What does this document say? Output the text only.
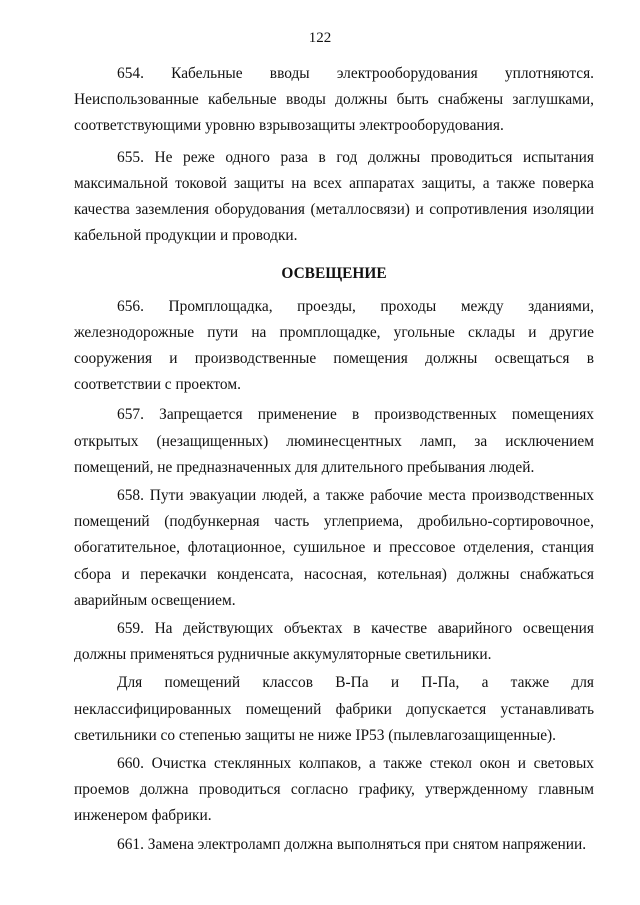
122

654. Кабельные вводы электрооборудования уплотняются. Неиспользованные кабельные вводы должны быть снабжены заглушками, соответствующими уровню взрывозащиты электрооборудования.

655. Не реже одного раза в год должны проводиться испытания максимальной токовой защиты на всех аппаратах защиты, а также поверка качества заземления оборудования (металлосвязи) и сопротивления изоляции кабельной продукции и проводки.

ОСВЕЩЕНИЕ

656. Промплощадка, проезды, проходы между зданиями, железнодорожные пути на промплощадке, угольные склады и другие сооружения и производственные помещения должны освещаться в соответствии с проектом.

657. Запрещается применение в производственных помещениях открытых (незащищенных) люминесцентных ламп, за исключением помещений, не предназначенных для длительного пребывания людей.

658. Пути эвакуации людей, а также рабочие места производственных помещений (подбункерная часть углеприема, дробильно-сортировочное, обогатительное, флотационное, сушильное и прессовое отделения, станция сбора и перекачки конденсата, насосная, котельная) должны снабжаться аварийным освещением.

659. На действующих объектах в качестве аварийного освещения должны применяться рудничные аккумуляторные светильники.

Для помещений классов В-Па и П-Па, а также для неклассифицированных помещений фабрики допускается устанавливать светильники со степенью защиты не ниже IP53 (пылевлагозащищенные).

660. Очистка стеклянных колпаков, а также стекол окон и световых проемов должна проводиться согласно графику, утвержденному главным инженером фабрики.

661. Замена электроламп должна выполняться при снятом напряжении.
